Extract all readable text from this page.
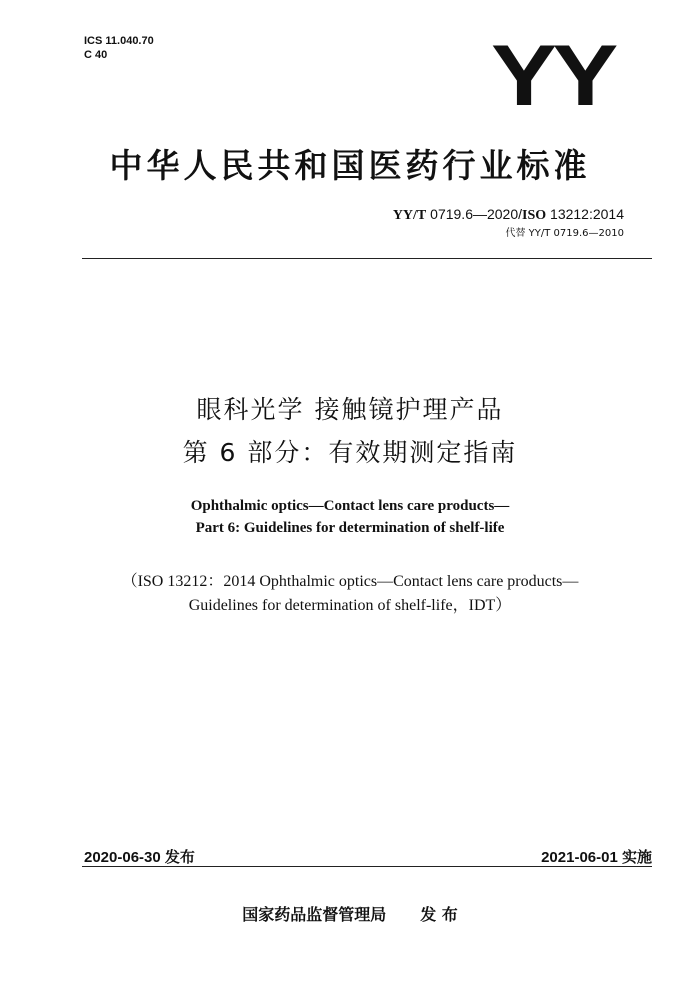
ICS 11.040.70
C 40	YY
中华人民共和国医药行业标准
YY/T 0719.6—2020/ISO 13212:2014
代替 YY/T 0719.6—2010
眼科光学 接触镜护理产品
第 6 部分：有效期测定指南
Ophthalmic optics—Contact lens care products—
Part 6: Guidelines for determination of shelf-life
（ISO 13212：2014 Ophthalmic optics—Contact lens care products—
Guidelines for determination of shelf-life，IDT）
2020-06-30 发布	2021-06-01 实施
国家药品监督管理局 发 布
